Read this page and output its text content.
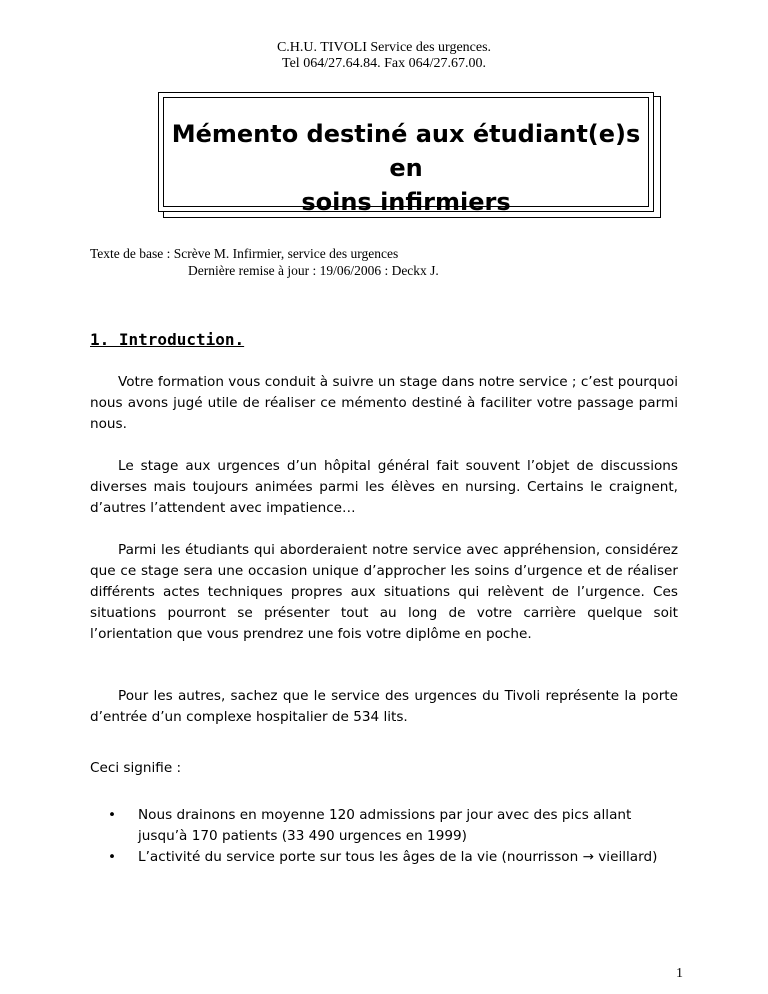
C.H.U. TIVOLI Service des urgences.
Tel 064/27.64.84. Fax 064/27.67.00.
Mémento destiné aux étudiant(e)s en
soins infirmiers
Texte de base : Scrève M. Infirmier, service des urgences
Dernière remise à jour : 19/06/2006 : Deckx J.
1. Introduction.

Votre formation vous conduit à suivre un stage dans notre service ; c’est pourquoi nous avons jugé utile de réaliser ce mémento destiné à faciliter votre passage parmi nous.

Le stage aux urgences d’un hôpital général fait souvent l’objet de discussions diverses mais toujours animées parmi les élèves en nursing. Certains le craignent, d’autres l’attendent avec impatience…

Parmi les étudiants qui aborderaient notre service avec appréhension, considérez que ce stage sera une occasion unique d’approcher les soins d’urgence et de réaliser différents actes techniques propres aux situations qui relèvent de l’urgence. Ces situations pourront se présenter tout au long de votre carrière quelque soit l’orientation que vous prendrez une fois votre diplôme en poche.

Pour les autres, sachez que le service des urgences du Tivoli représente la porte d’entrée d’un complexe hospitalier de 534 lits.

Ceci signifie :

•	Nous drainons en moyenne 120 admissions par jour avec des pics allant jusqu’à 170 patients (33 490 urgences en 1999)
•	L’activité du service porte sur tous les âges de la vie (nourrisson → vieillard)
1
